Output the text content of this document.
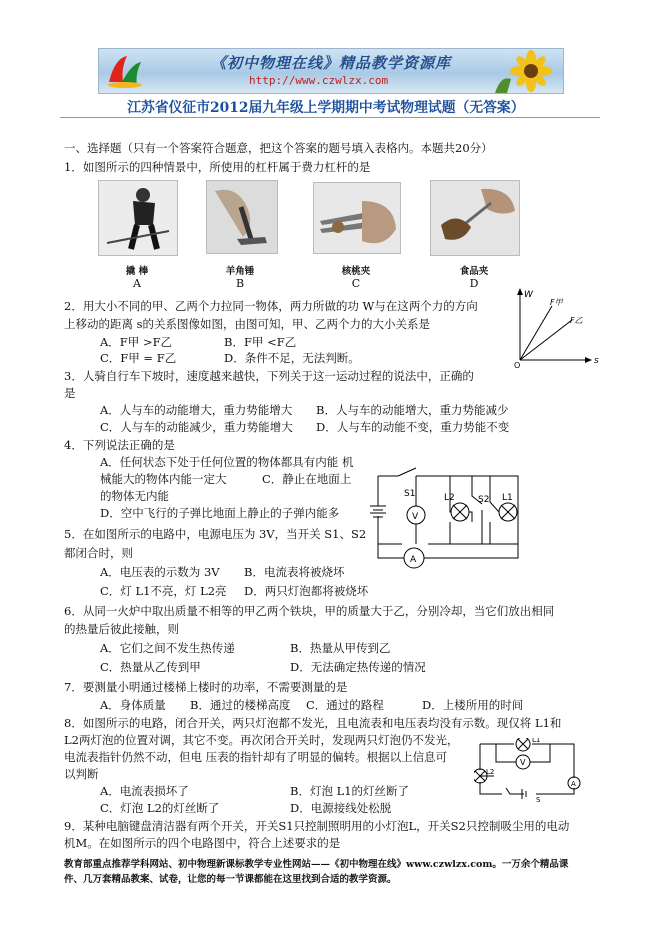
《初中物理在线》精品教学资源库
http://www.czwlzx.com
江苏省仪征市2012届九年级上学期期中考试物理试题（无答案）
一、选择题（只有一个答案符合题意，把这个答案的题号填入表格内。本题共20分）
1．如图所示的四种情景中，所使用的杠杆属于费力杠杆的是
撬 棒	羊角锤	核桃夹	食品夹
A	B	C	D
2．用大小不同的甲、乙两个力拉同一物体，两力所做的功 W与在这两个力的方向
上移动的距离 s的关系图像如图，由图可知，甲、乙两个力的大小关系是
A．F甲 >F乙	B．F甲 <F乙
C．F甲 = F乙	D．条件不足，无法判断。
W
s
O
F甲
F乙
3．人骑自行车下坡时，速度越来越快，下列关于这一运动过程的说法中，正确的
是
A．人与车的动能增大，重力势能增大 B．人与车的动能增大，重力势能减少
C．人与车的动能减少，重力势能增大 D．人与车的动能不变，重力势能不变
4．下列说法正确的是
A．任何状态下处于任何位置的物体都具有内能 机
械能大的物体内能一定大	C．静止在地面上
的物体无内能
D．空中飞行的子弹比地面上静止的子弹内能多
S1	L2	S2 L1
V
A
5．在如图所示的电路中，电源电压为 3V，当开关 S1、S2
都闭合时，则
A．电压表的示数为 3V B．电流表将被烧坏
C．灯 L1不亮，灯 L2亮 D．两只灯泡都将被烧坏
6．从同一火炉中取出质量不相等的甲乙两个铁块，甲的质量大于乙，分别冷却，当它们放出相同
的热量后彼此接触，则
A．它们之间不发生热传递	B．热量从甲传到乙
C．热量从乙传到甲	D．无法确定热传递的情况
7．要测量小明通过楼梯上楼时的功率，不需要测量的是
A．身体质量 B．通过的楼梯高度 C．通过的路程	D．上楼所用的时间
8．如图所示的电路，闭合开关，两只灯泡都不发光，且电流表和电压表均没有示数。现仅将 L1和
L2两灯泡的位置对调，其它不变。再次闭合开关时，发现两只灯泡仍不发光，
电流表指针仍然不动，但电 压表的指针却有了明显的偏转。根据以上信息可
以判断
A．电流表损坏了	B．灯泡 L1的灯丝断了
C．灯泡 L2的灯丝断了	D．电源接线处松脱
L1
L2
V
A
S
9．某种电脑键盘清洁器有两个开关，开关S1只控制照明用的小灯泡L，开关S2只控制吸尘用的电动
机M。在如图所示的四个电路图中，符合上述要求的是
教育部重点推荐学科网站、初中物理新课标教学专业性网站——《初中物理在线》www.czwlzx.com。一万余个精品课
件、几万套精品教案、试卷，让您的每一节课都能在这里找到合适的教学资源。
